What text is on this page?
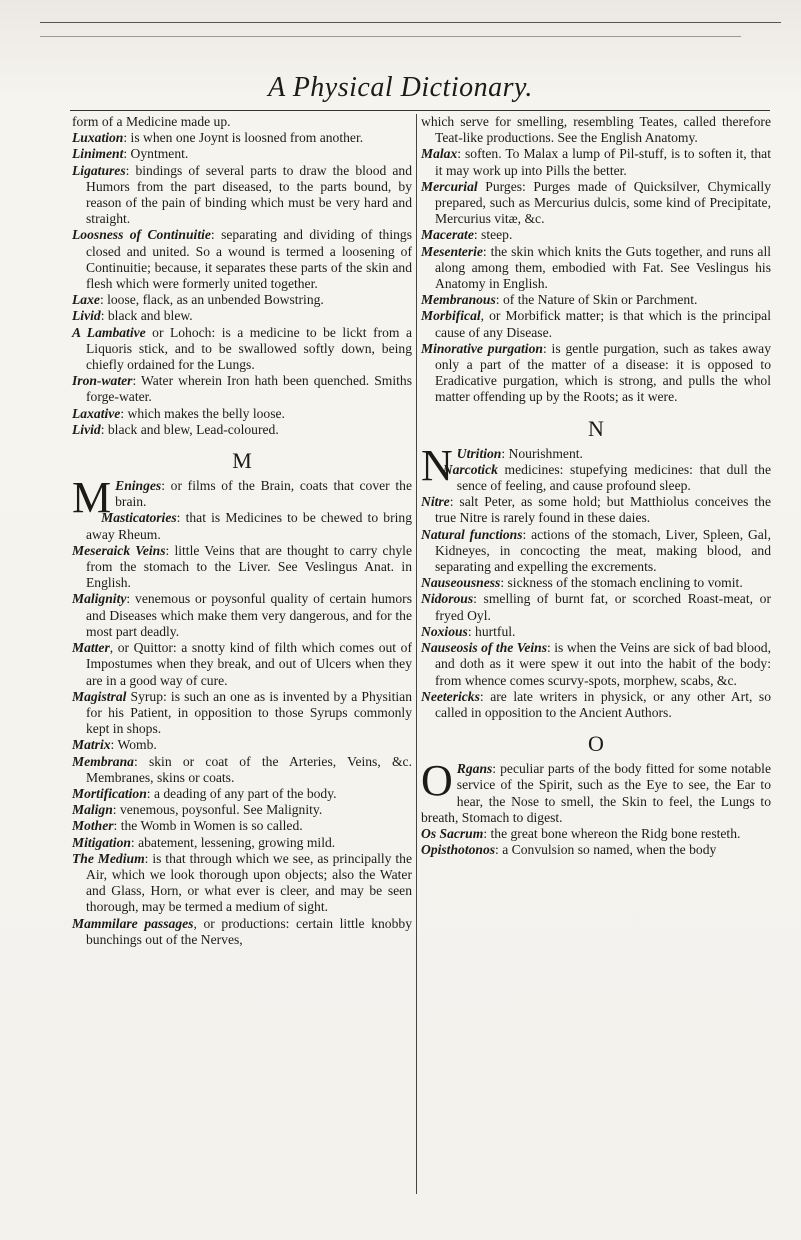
A Physical Dictionary.

form of a Medicine made up.

Luxation: is when one Joynt is loosned from another.

Liniment: Oyntment.

Ligatures: bindings of several parts to draw the blood and Humors from the part diseased, to the parts bound, by reason of the pain of binding which must be very hard and straight.

Loosness of Continuitie: separating and dividing of things closed and united. So a wound is termed a loosening of Continuitie; because, it separates these parts of the skin and flesh which were formerly united together.

Laxe: loose, flack, as an unbended Bowstring.

Livid: black and blew.

A Lambative or Lohoch: is a medicine to be lickt from a Liquoris stick, and to be swallowed softly down, being chiefly ordained for the Lungs.

Iron-water: Water wherein Iron hath been quenched. Smiths forge-water.

Laxative: which makes the belly loose.

Livid: black and blew, Lead-coloured.

M

M Eninges: or films of the Brain, coats that cover the brain.

Masticatories: that is Medicines to be chewed to bring away Rheum.

Meseraick Veins: little Veins that are thought to carry chyle from the stomach to the Liver. See Veslingus Anat. in English.

Malignity: venemous or poysonful quality of certain humors and Diseases which make them very dangerous, and for the most part deadly.

Matter, or Quittor: a snotty kind of filth which comes out of Impostumes when they break, and out of Ulcers when they are in a good way of cure.

Magistral Syrup: is such an one as is invented by a Physitian for his Patient, in opposition to those Syrups commonly kept in shops.

Matrix: Womb.

Membrana: skin or coat of the Arteries, Veins, &c. Membranes, skins or coats.

Mortification: a deading of any part of the body.

Malign: venemous, poysonful. See Malignity.

Mother: the Womb in Women is so called.

Mitigation: abatement, lessening, growing mild.

The Medium: is that through which we see, as principally the Air, which we look thorough upon objects; also the Water and Glass, Horn, or what ever is cleer, and may be seen thorough, may be termed a medium of sight.

Mammilare passages, or productions: certain little knobby bunchings out of the Nerves,

which serve for smelling, resembling Teates, called therefore Teat-like productions. See the English Anatomy.

Malax: soften. To Malax a lump of Pil-stuff, is to soften it, that it may work up into Pills the better.

Mercurial Purges: Purges made of Quicksilver, Chymically prepared, such as Mercurius dulcis, some kind of Precipitate, Mercurius vitæ, &c.

Macerate: steep.

Mesenterie: the skin which knits the Guts together, and runs all along among them, embodied with Fat. See Veslingus his Anatomy in English.

Membranous: of the Nature of Skin or Parchment.

Morbifical, or Morbifick matter; is that which is the principal cause of any Disease.

Minorative purgation: is gentle purgation, such as takes away only a part of the matter of a disease: it is opposed to Eradicative purgation, which is strong, and pulls the whol matter offending up by the Roots; as it were.

N

N Utrition: Nourishment.

Narcotick medicines: stupefying medicines: that dull the sence of feeling, and cause profound sleep.

Nitre: salt Peter, as some hold; but Matthiolus conceives the true Nitre is rarely found in these daies.

Natural functions: actions of the stomach, Liver, Spleen, Gal, Kidneyes, in concocting the meat, making blood, and separating and expelling the excrements.

Nauseousness: sickness of the stomach enclining to vomit.

Nidorous: smelling of burnt fat, or scorched Roast-meat, or fryed Oyl.

Noxious: hurtful.

Nauseosis of the Veins: is when the Veins are sick of bad blood, and doth as it were spew it out into the habit of the body: from whence comes scurvy-spots, morphew, scabs, &c.

Neetericks: are late writers in physick, or any other Art, so called in opposition to the Ancient Authors.

O

O Rgans: peculiar parts of the body fitted for some notable service of the Spirit, such as the Eye to see, the Ear to hear, the Nose to smell, the Skin to feel, the Lungs to breath, Stomach to digest.

Os Sacrum: the great bone whereon the Ridg bone resteth.

Opisthotonos: a Convulsion so named, when the body
